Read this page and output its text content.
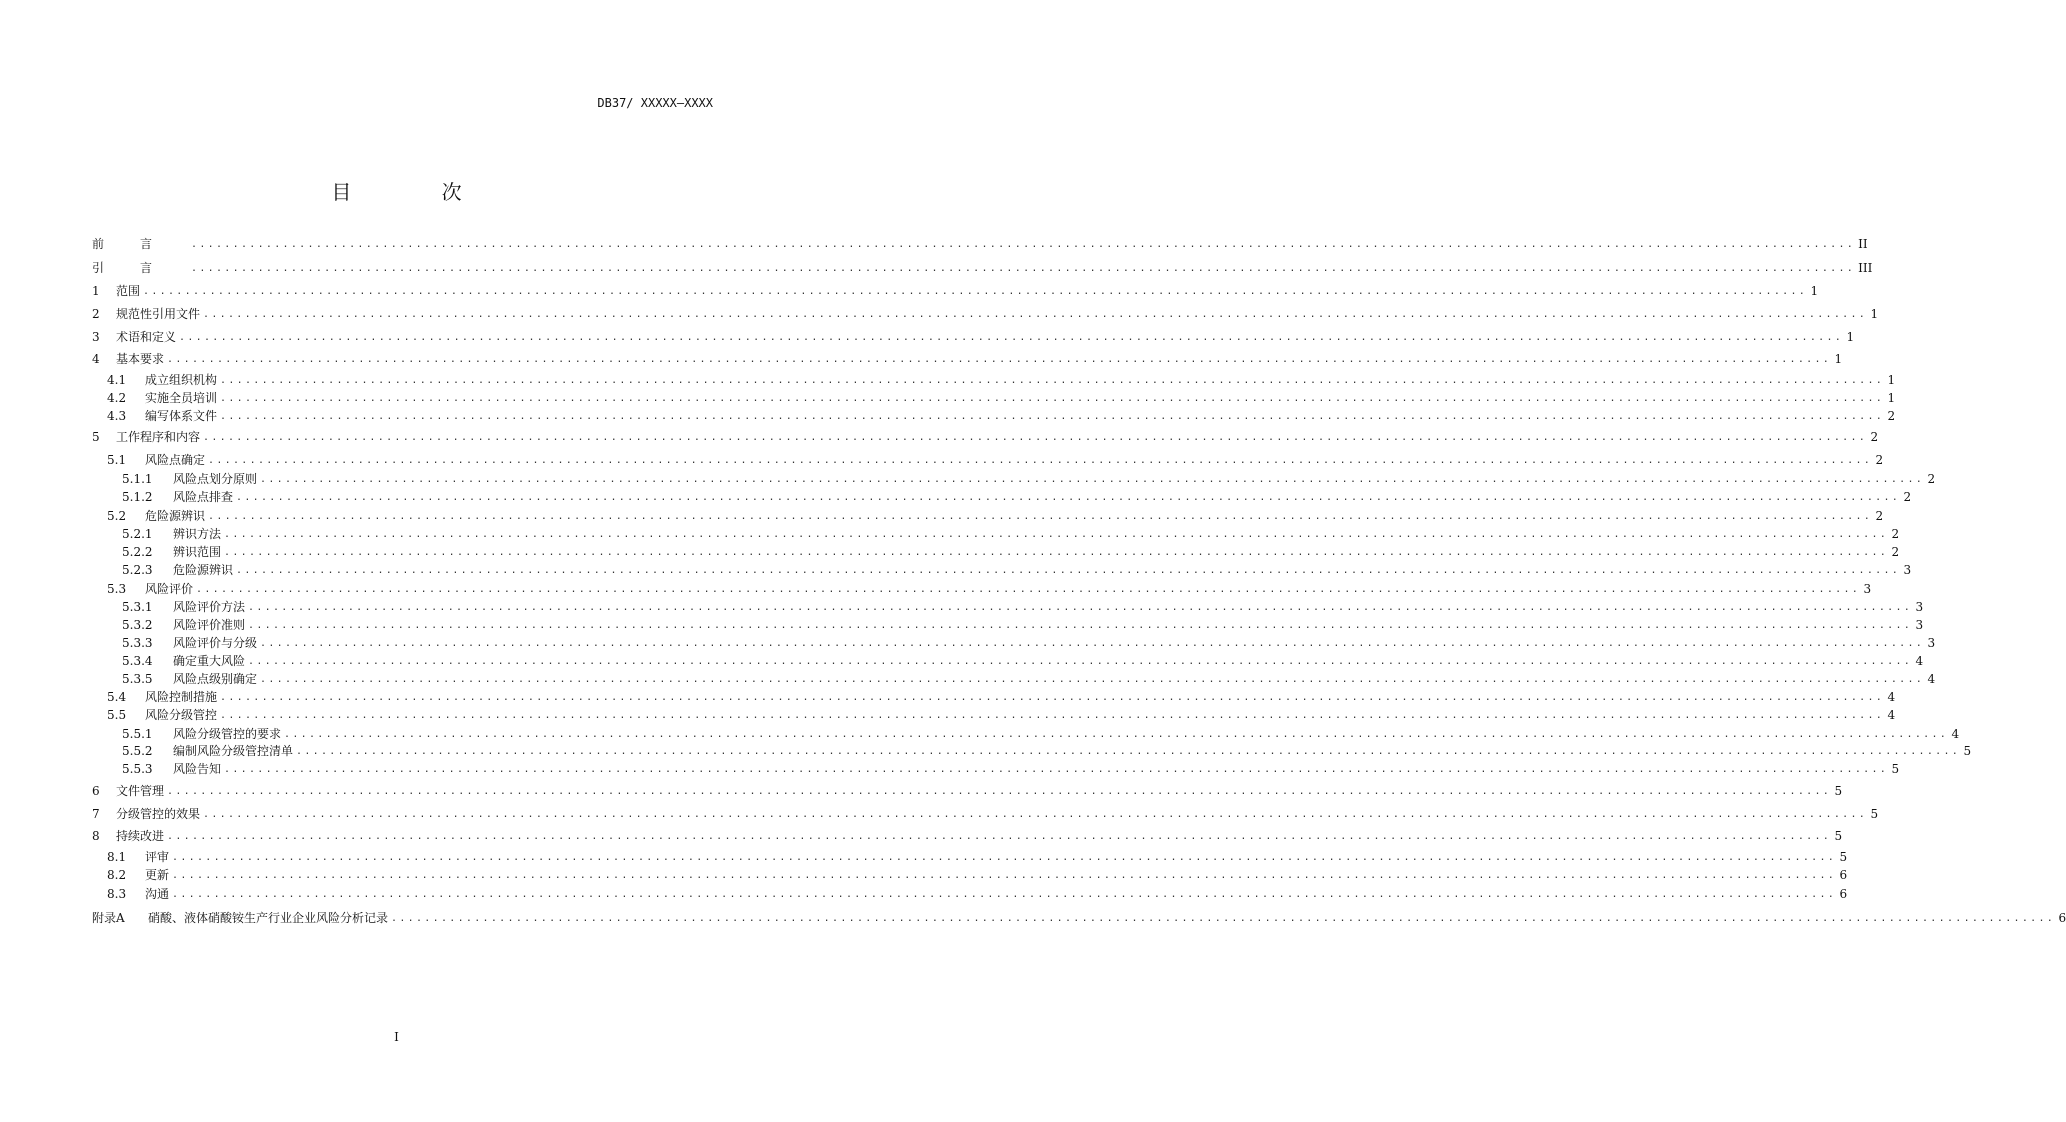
DB37/ XXXXX—XXXX
目 次
前言 ........................................................................................................................................................................................................ II
引言 ........................................................................................................................................................................................................ III
1	范围 ........................................................................................................................................................................................................ 1
2	规范性引用文件 ........................................................................................................................................................................................................ 1
3	术语和定义 ........................................................................................................................................................................................................ 1
4	基本要求 ........................................................................................................................................................................................................ 1
4.1	成立组织机构 ........................................................................................................................................................................................................ 1
4.2	实施全员培训 ........................................................................................................................................................................................................ 1
4.3	编写体系文件 ........................................................................................................................................................................................................ 2
5	工作程序和内容 ........................................................................................................................................................................................................ 2
5.1	风险点确定 ........................................................................................................................................................................................................ 2
5.1.1	风险点划分原则 ........................................................................................................................................................................................................ 2
5.1.2	风险点排查 ........................................................................................................................................................................................................ 2
5.2	危险源辨识 ........................................................................................................................................................................................................ 2
5.2.1	辨识方法 ........................................................................................................................................................................................................ 2
5.2.2	辨识范围 ........................................................................................................................................................................................................ 2
5.2.3	危险源辨识 ........................................................................................................................................................................................................ 3
5.3	风险评价 ........................................................................................................................................................................................................ 3
5.3.1	风险评价方法 ........................................................................................................................................................................................................ 3
5.3.2	风险评价准则 ........................................................................................................................................................................................................ 3
5.3.3	风险评价与分级 ........................................................................................................................................................................................................ 3
5.3.4	确定重大风险 ........................................................................................................................................................................................................ 4
5.3.5	风险点级别确定 ........................................................................................................................................................................................................ 4
5.4	风险控制措施 ........................................................................................................................................................................................................ 4
5.5	风险分级管控 ........................................................................................................................................................................................................ 4
5.5.1	风险分级管控的要求 ........................................................................................................................................................................................................ 4
5.5.2	编制风险分级管控清单 ........................................................................................................................................................................................................ 5
5.5.3	风险告知 ........................................................................................................................................................................................................ 5
6	文件管理 ........................................................................................................................................................................................................ 5
7	分级管控的效果 ........................................................................................................................................................................................................ 5
8	持续改进 ........................................................................................................................................................................................................ 5
8.1	评审 ........................................................................................................................................................................................................ 5
8.2	更新 ........................................................................................................................................................................................................ 6
8.3	沟通 ........................................................................................................................................................................................................ 6
附录A	硝酸、液体硝酸铵生产行业企业风险分析记录 ........................................................................................................................................................................................................ 6
I
